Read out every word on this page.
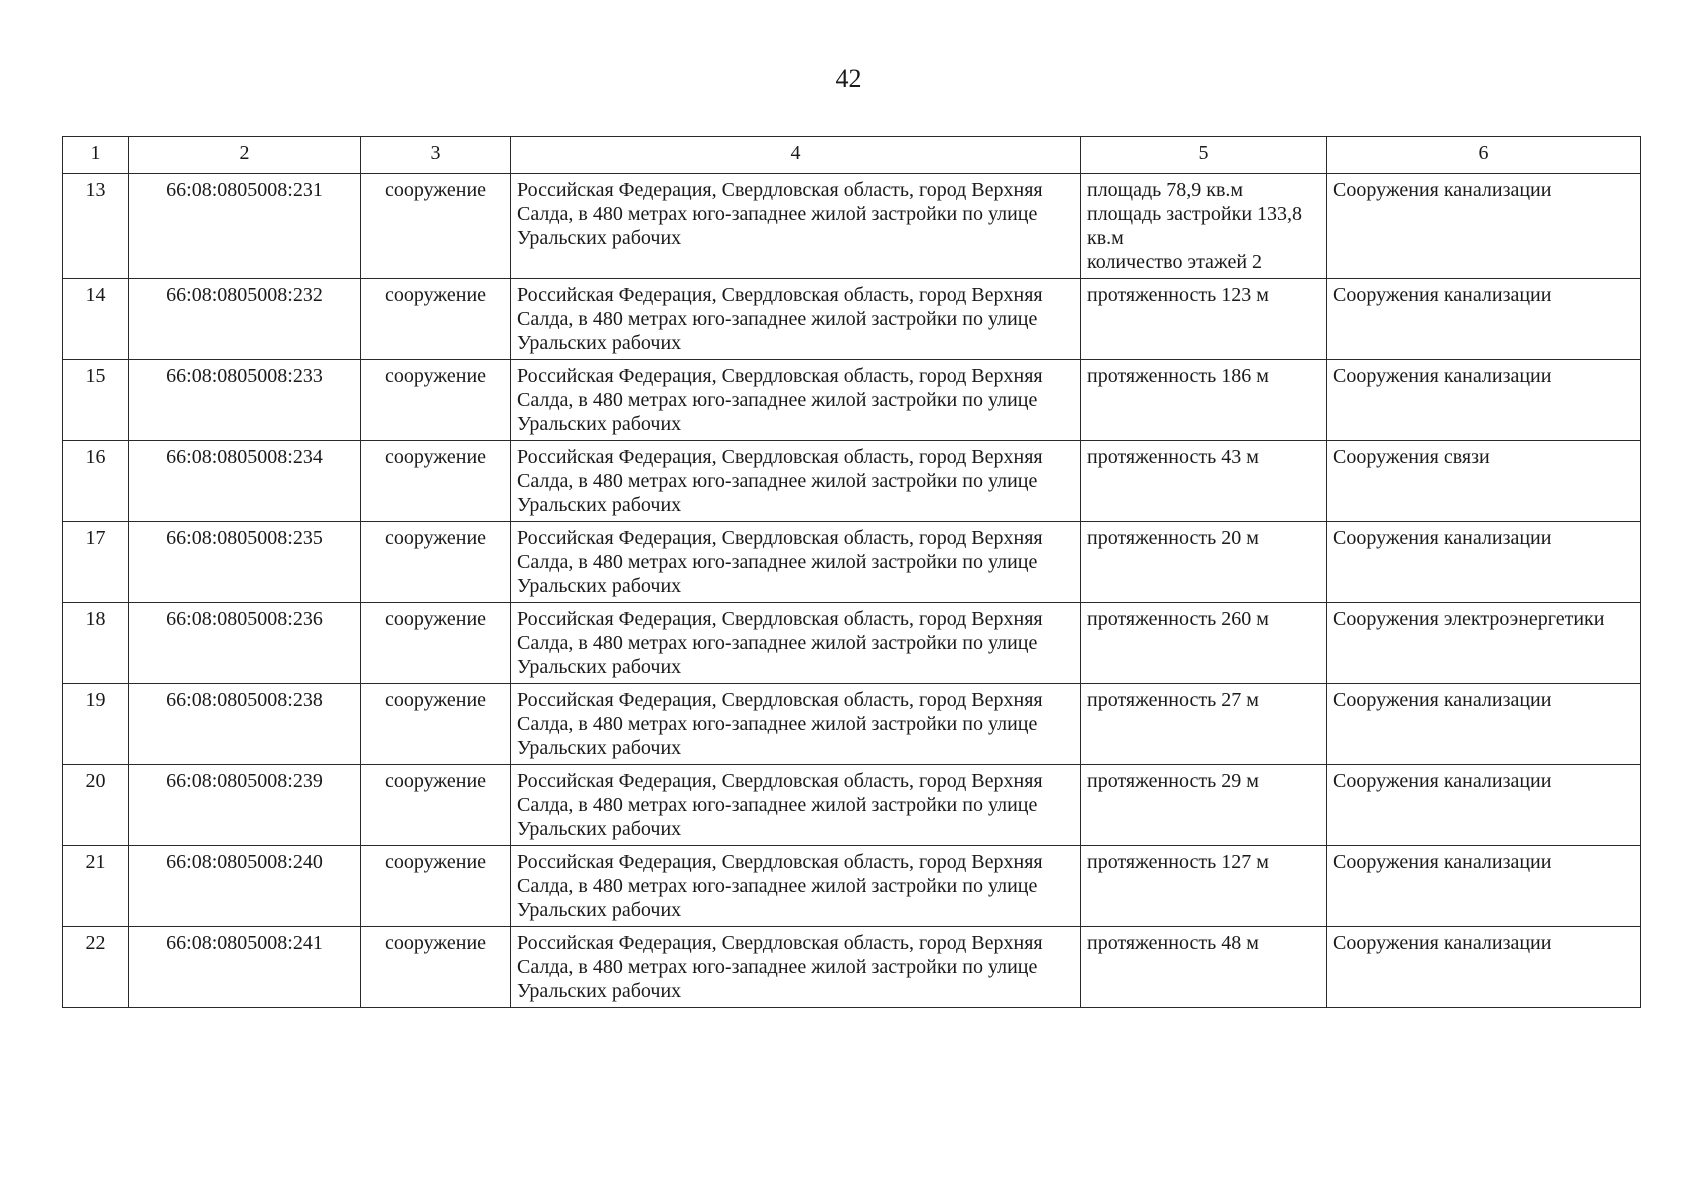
42
1	2	3	4	5	6
13	66:08:0805008:231	сооружение	Российская Федерация, Свердловская область, город Верхняя Салда, в 480 метрах юго-западнее жилой застройки по улице Уральских рабочих	площадь 78,9 кв.м
площадь застройки 133,8 кв.м
количество этажей 2	Сооружения канализации
14	66:08:0805008:232	сооружение	Российская Федерация, Свердловская область, город Верхняя Салда, в 480 метрах юго-западнее жилой застройки по улице Уральских рабочих	протяженность 123 м	Сооружения канализации
15	66:08:0805008:233	сооружение	Российская Федерация, Свердловская область, город Верхняя Салда, в 480 метрах юго-западнее жилой застройки по улице Уральских рабочих	протяженность 186 м	Сооружения канализации
16	66:08:0805008:234	сооружение	Российская Федерация, Свердловская область, город Верхняя Салда, в 480 метрах юго-западнее жилой застройки по улице Уральских рабочих	протяженность 43 м	Сооружения связи
17	66:08:0805008:235	сооружение	Российская Федерация, Свердловская область, город Верхняя Салда, в 480 метрах юго-западнее жилой застройки по улице Уральских рабочих	протяженность 20 м	Сооружения канализации
18	66:08:0805008:236	сооружение	Российская Федерация, Свердловская область, город Верхняя Салда, в 480 метрах юго-западнее жилой застройки по улице Уральских рабочих	протяженность 260 м	Сооружения электроэнергетики
19	66:08:0805008:238	сооружение	Российская Федерация, Свердловская область, город Верхняя Салда, в 480 метрах юго-западнее жилой застройки по улице Уральских рабочих	протяженность 27 м	Сооружения канализации
20	66:08:0805008:239	сооружение	Российская Федерация, Свердловская область, город Верхняя Салда, в 480 метрах юго-западнее жилой застройки по улице Уральских рабочих	протяженность 29 м	Сооружения канализации
21	66:08:0805008:240	сооружение	Российская Федерация, Свердловская область, город Верхняя Салда, в 480 метрах юго-западнее жилой застройки по улице Уральских рабочих	протяженность 127 м	Сооружения канализации
22	66:08:0805008:241	сооружение	Российская Федерация, Свердловская область, город Верхняя Салда, в 480 метрах юго-западнее жилой застройки по улице Уральских рабочих	протяженность 48 м	Сооружения канализации
